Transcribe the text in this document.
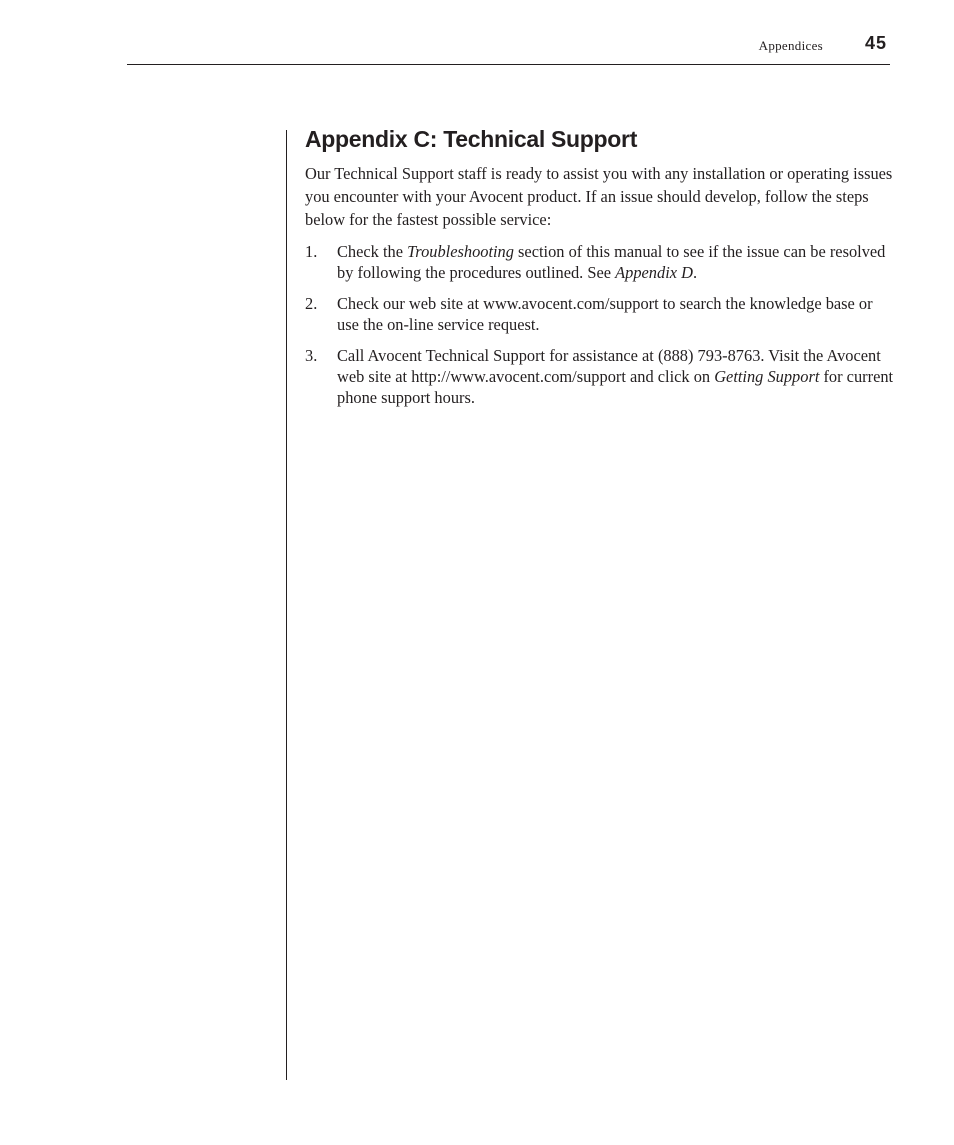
Appendices 45
Appendix C: Technical Support

Our Technical Support staff is ready to assist you with any installation or operating issues you encounter with your Avocent product. If an issue should develop, follow the steps below for the fastest possible service:

1. Check the Troubleshooting section of this manual to see if the issue can be resolved by following the procedures outlined. See Appendix D.
2. Check our web site at www.avocent.com/support to search the knowledge base or use the on-line service request.
3. Call Avocent Technical Support for assistance at (888) 793-8763. Visit the Avocent web site at http://www.avocent.com/support and click on Getting Support for current phone support hours.
